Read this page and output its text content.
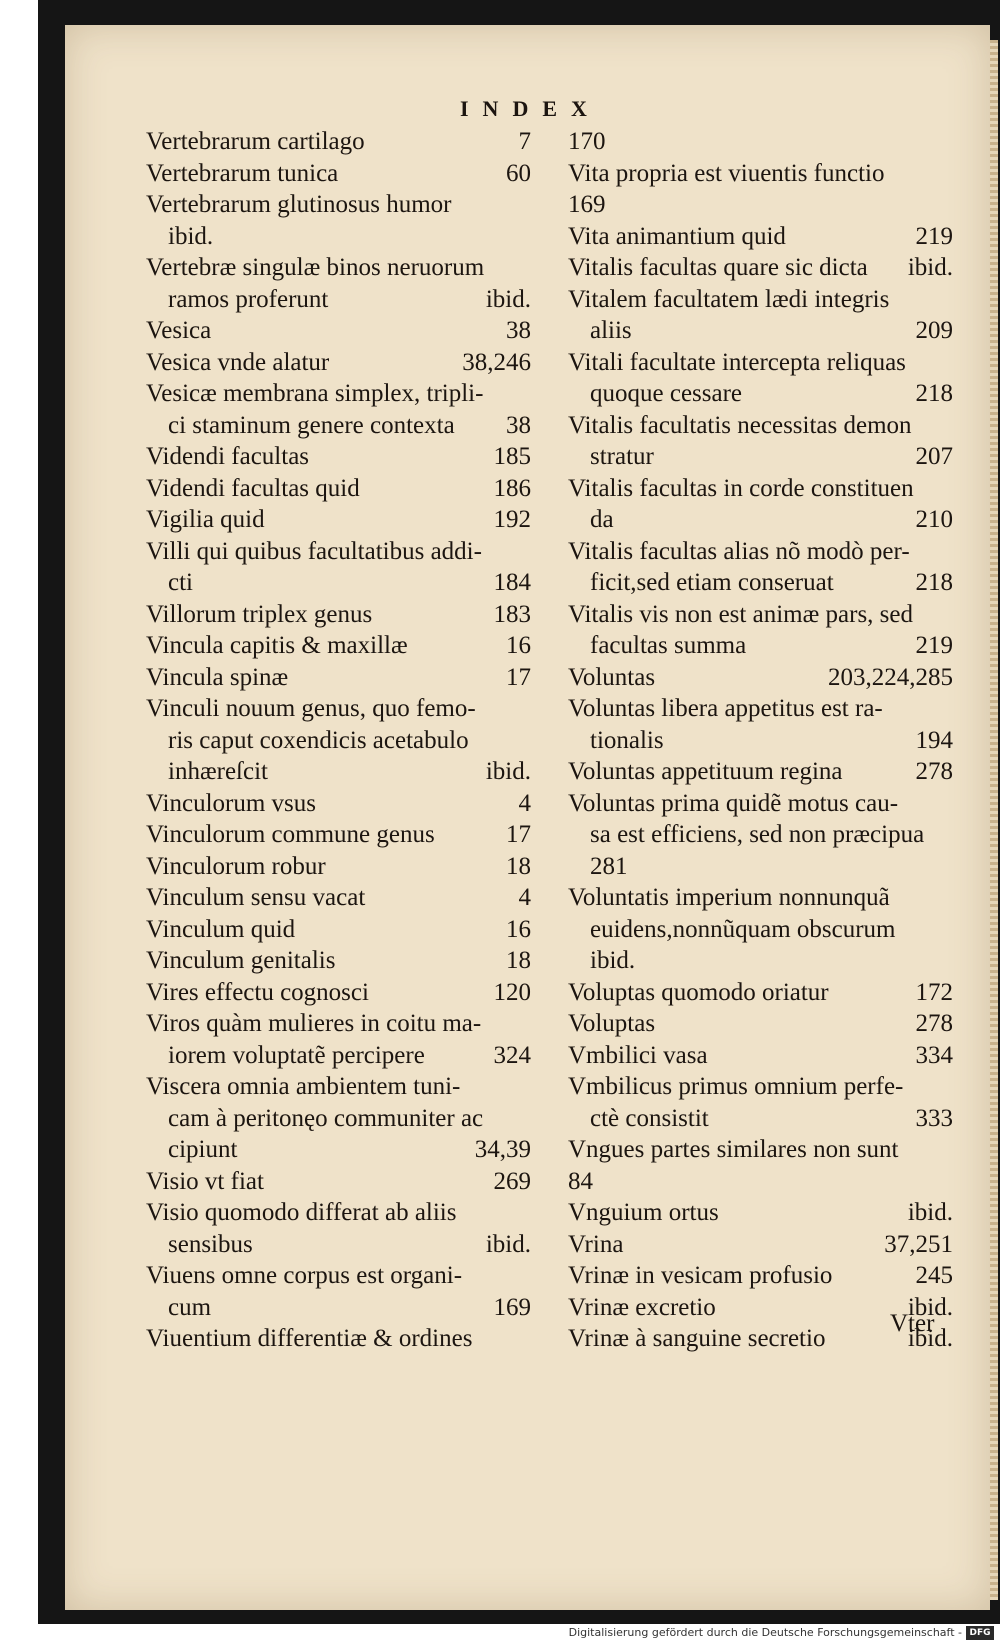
INDEX
Vertebrarum cartilago	7
Vertebrarum tunica	60
Vertebrarum glutinosus humor
ibid.
Vertebræ singulæ binos neruorum
ramos proferunt	ibid.
Vesica	38
Vesica vnde alatur	38,246
Vesicæ membrana simplex, tripli-
ci staminum genere contexta 38
Videndi facultas	185
Videndi facultas quid	186
Vigilia quid	192
Villi qui quibus facultatibus addi-
cti	184
Villorum triplex genus	183
Vincula capitis & maxillæ	16
Vincula spinæ	17
Vinculi nouum genus, quo femo-
ris caput coxendicis acetabulo
inhæreſcit	ibid.
Vinculorum vsus	4
Vinculorum commune genus	17
Vinculorum robur	18
Vinculum sensu vacat	4
Vinculum quid	16
Vinculum genitalis	18
Vires effectu cognosci	120
Viros quàm mulieres in coitu ma-
iorem voluptatẽ percipere	324
Viscera omnia ambientem tuni-
cam à peritonęo communiter ac
cipiunt	34,39
Visio vt fiat	269
Visio quomodo differat ab aliis
sensibus	ibid.
Viuens omne corpus est organi-
cum	169
Viuentium differentiæ & ordines
170
Vita propria est viuentis functio
169
Vita animantium quid	219
Vitalis facultas quare sic dicta ibid.
Vitalem facultatem lædi integris
aliis	209
Vitali facultate intercepta reliquas
quoque cessare	218
Vitalis facultatis necessitas demon
stratur	207
Vitalis facultas in corde constituen
da	210
Vitalis facultas alias nõ modò per-
ficit,sed etiam conseruat	218
Vitalis vis non est animæ pars, sed
facultas summa	219
Voluntas	203,224,285
Voluntas libera appetitus est ra-
tionalis	194
Voluntas appetituum regina	278
Voluntas prima quidẽ motus cau-
sa est efficiens, sed non præcipua
281
Voluntatis imperium nonnunquã
euidens,nonnũquam obscurum
ibid.
Voluptas quomodo oriatur	172
Voluptas	278
Vmbilici vasa	334
Vmbilicus primus omnium perfe-
ctè consistit	333
Vngues partes similares non sunt
84
Vnguium ortus	ibid.
Vrina	37,251
Vrinæ in vesicam profusio	245
Vrinæ excretio	ibid.
Vrinæ à sanguine secretio	ibid.
Vter
Digitalisierung gefördert durch die Deutsche Forschungsgemeinschaft - DFG
